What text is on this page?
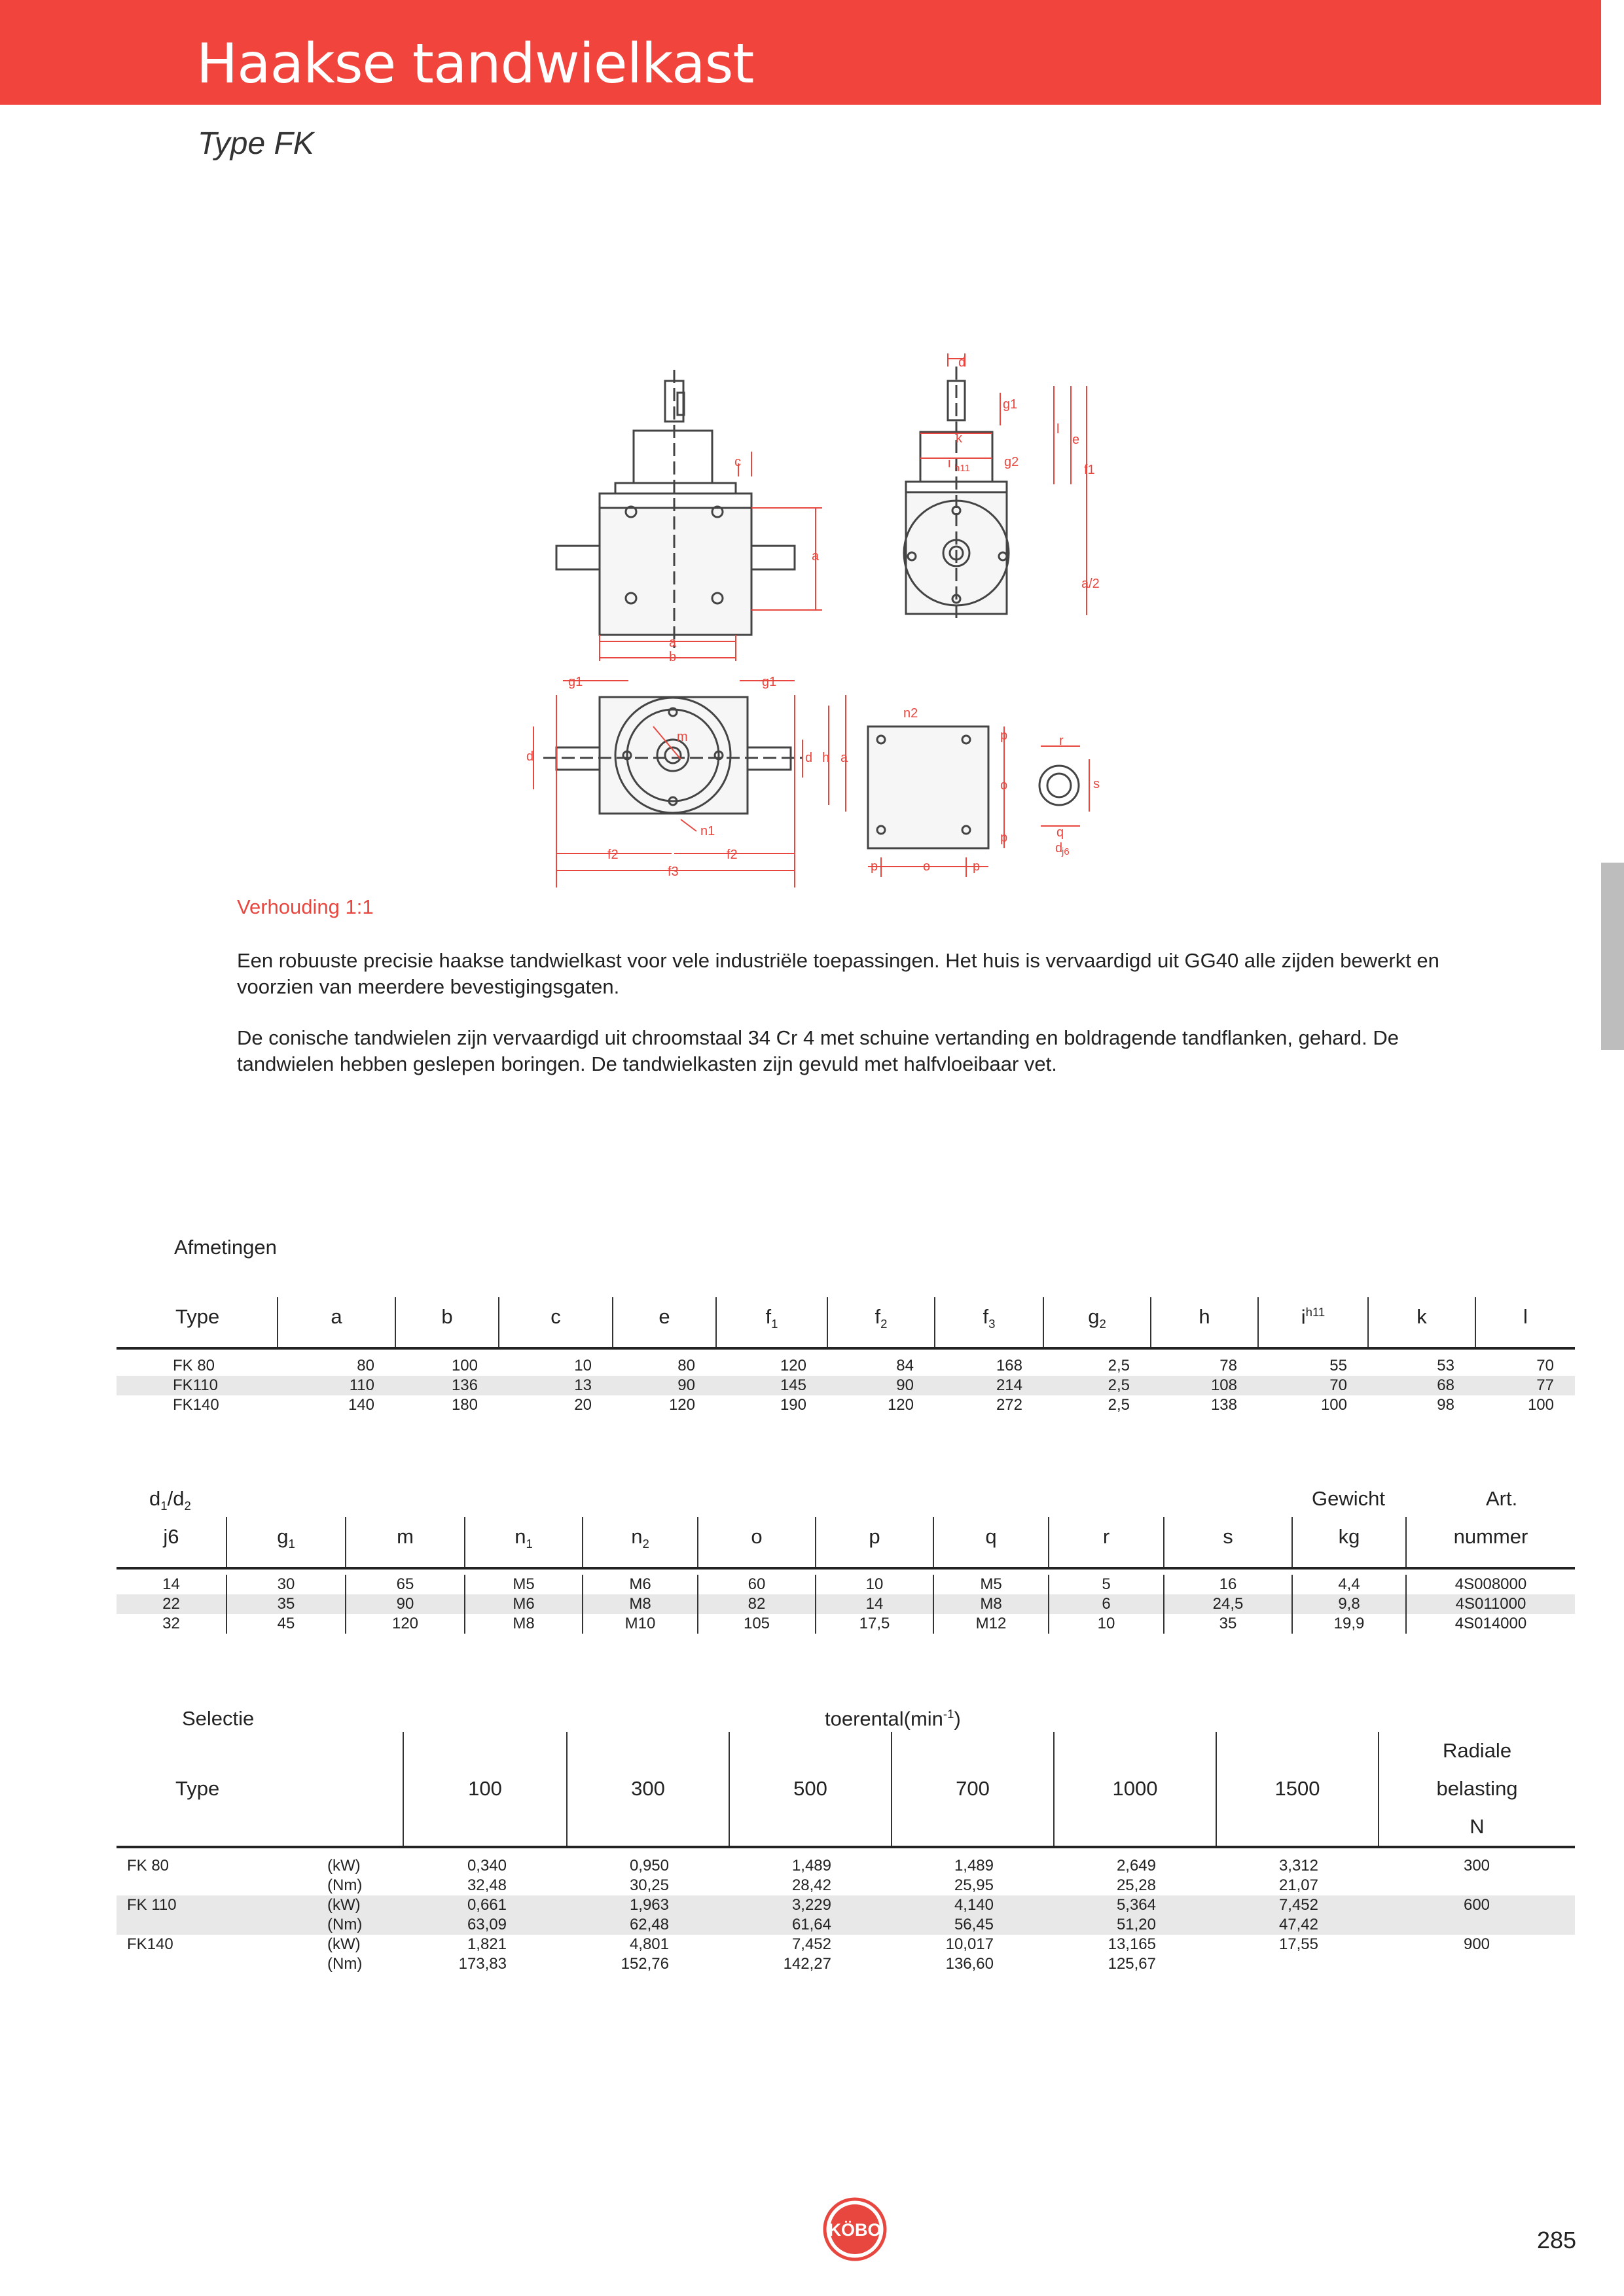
Haakse tandwielkast
Type FK
d
g1
l
e
k
i h11	g2
f1
c
a
a/2
a
b
g1	g1
m
d	d h a
n1
f2	f2
f3
n2
p
o
p
p	o	p
r
s
q
d
j6
Verhouding 1:1

Een robuuste precisie haakse tandwielkast voor vele industriële toepassingen. Het huis is vervaardigd uit GG40 alle zijden bewerkt en voorzien van meerdere bevestigingsgaten.

De conische tandwielen zijn vervaardigd uit chroomstaal 34 Cr 4 met schuine vertanding en boldragende tandflanken, gehard. De tandwielen hebben geslepen boringen. De tandwielkasten zijn gevuld met halfvloeibaar vet.

Afmetingen
Type	a	b	c	e	$f_1$	$f_2$	$f_3$	$g_2$	h	$i^{h11}$	k	l

FK 80	80	100	10	80	120	84	168	2,5	78	55	53	70
FK110	110	136	13	90	145	90	214	2,5	108	70	68	77
FK140	140	180	20	120	190	120	272	2,5	138	100	98	100
$d_1/d_2$	Gewicht	Art.
j6	$g_1$	m	$n_1$	$n_2$	o	p	q	r	s	kg	nummer

14	30	65	M5	M6	60	10	M5	5	16	4,4	4S008000
22	35	90	M6	M8	82	14	M8	6	24,5	9,8	4S011000
32	45	120	M8	M10	105	17,5	M12	10	35	19,9	4S014000
Selectie	$toerental(\min^{-1})$
Type		100	300	500	700	1000	1500	Radiale
belasting
N

FK 80	(kW)	0,340	0,950	1,489	1,489	2,649	3,312	300
	(Nm)	32,48	30,25	28,42	25,95	25,28	21,07	
FK 110	(kW)	0,661	1,963	3,229	4,140	5,364	7,452	600
	(Nm)	63,09	62,48	61,64	56,45	51,20	47,42	
FK140	(kW)	1,821	4,801	7,452	10,017	13,165	17,55	900
	(Nm)	173,83	152,76	142,27	136,60	125,67		
KÖBO	285
